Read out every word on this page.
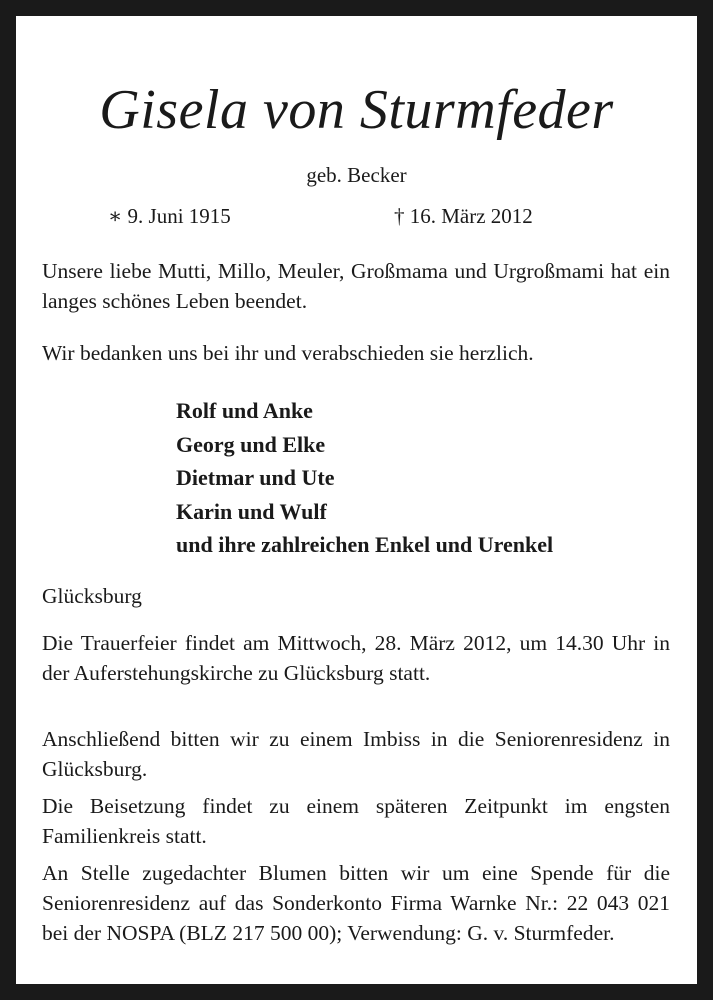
Gisela von Sturmfeder
geb. Becker
∗ 9. Juni 1915	† 16. März 2012
Unsere liebe Mutti, Millo, Meuler, Großmama und Urgroßmami hat ein langes schönes Leben beendet.
Wir bedanken uns bei ihr und verabschieden sie herzlich.
Rolf und Anke
Georg und Elke
Dietmar und Ute
Karin und Wulf
und ihre zahlreichen Enkel und Urenkel
Glücksburg
Die Trauerfeier findet am Mittwoch, 28. März 2012, um 14.30 Uhr in der Auferstehungskirche zu Glücksburg statt.
Anschließend bitten wir zu einem Imbiss in die Seniorenresidenz in Glücksburg.
Die Beisetzung findet zu einem späteren Zeitpunkt im engsten Familienkreis statt.
An Stelle zugedachter Blumen bitten wir um eine Spende für die Seniorenresidenz auf das Sonderkonto Firma Warnke Nr.: 22 043 021 bei der NOSPA (BLZ 217 500 00); Verwendung: G. v. Sturmfeder.
